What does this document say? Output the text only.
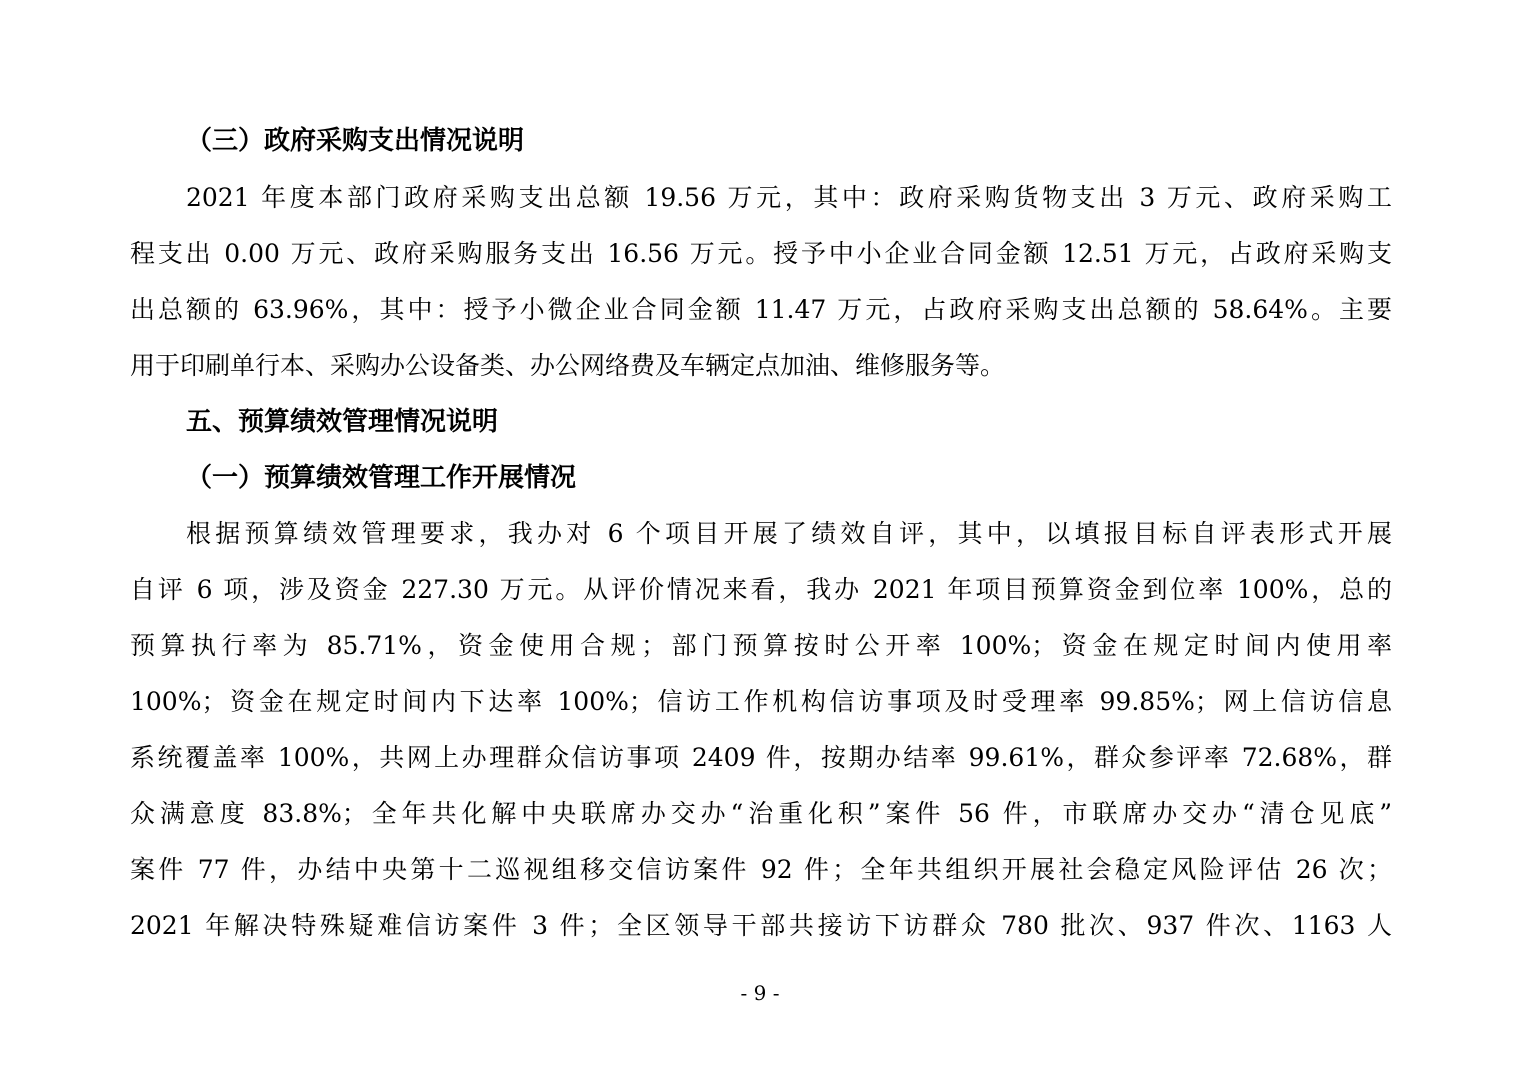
（三）政府采购支出情况说明
2021 年度本部门政府采购支出总额 19.56 万元，其中：政府采购货物支出 3 万元、政府采购工
程支出 0.00 万元、政府采购服务支出 16.56 万元。授予中小企业合同金额 12.51 万元，占政府采购支
出总额的 63.96%，其中：授予小微企业合同金额 11.47 万元，占政府采购支出总额的 58.64%。主要
用于印刷单行本、采购办公设备类、办公网络费及车辆定点加油、维修服务等。
五、预算绩效管理情况说明
（一）预算绩效管理工作开展情况
根据预算绩效管理要求，我办对 6 个项目开展了绩效自评，其中，以填报目标自评表形式开展
自评 6 项，涉及资金 227.30 万元。从评价情况来看，我办 2021 年项目预算资金到位率 100%，总的
预算执行率为 85.71%，资金使用合规；部门预算按时公开率 100%；资金在规定时间内使用率
100%；资金在规定时间内下达率 100%；信访工作机构信访事项及时受理率 99.85%；网上信访信息
系统覆盖率 100%，共网上办理群众信访事项 2409 件，按期办结率 99.61%，群众参评率 72.68%，群
众满意度 83.8%；全年共化解中央联席办交办“治重化积”案件 56 件，市联席办交办“清仓见底”
案件 77 件，办结中央第十二巡视组移交信访案件 92 件；全年共组织开展社会稳定风险评估 26 次；
2021 年解决特殊疑难信访案件 3 件；全区领导干部共接访下访群众 780 批次、937 件次、1163 人
- 9 -
